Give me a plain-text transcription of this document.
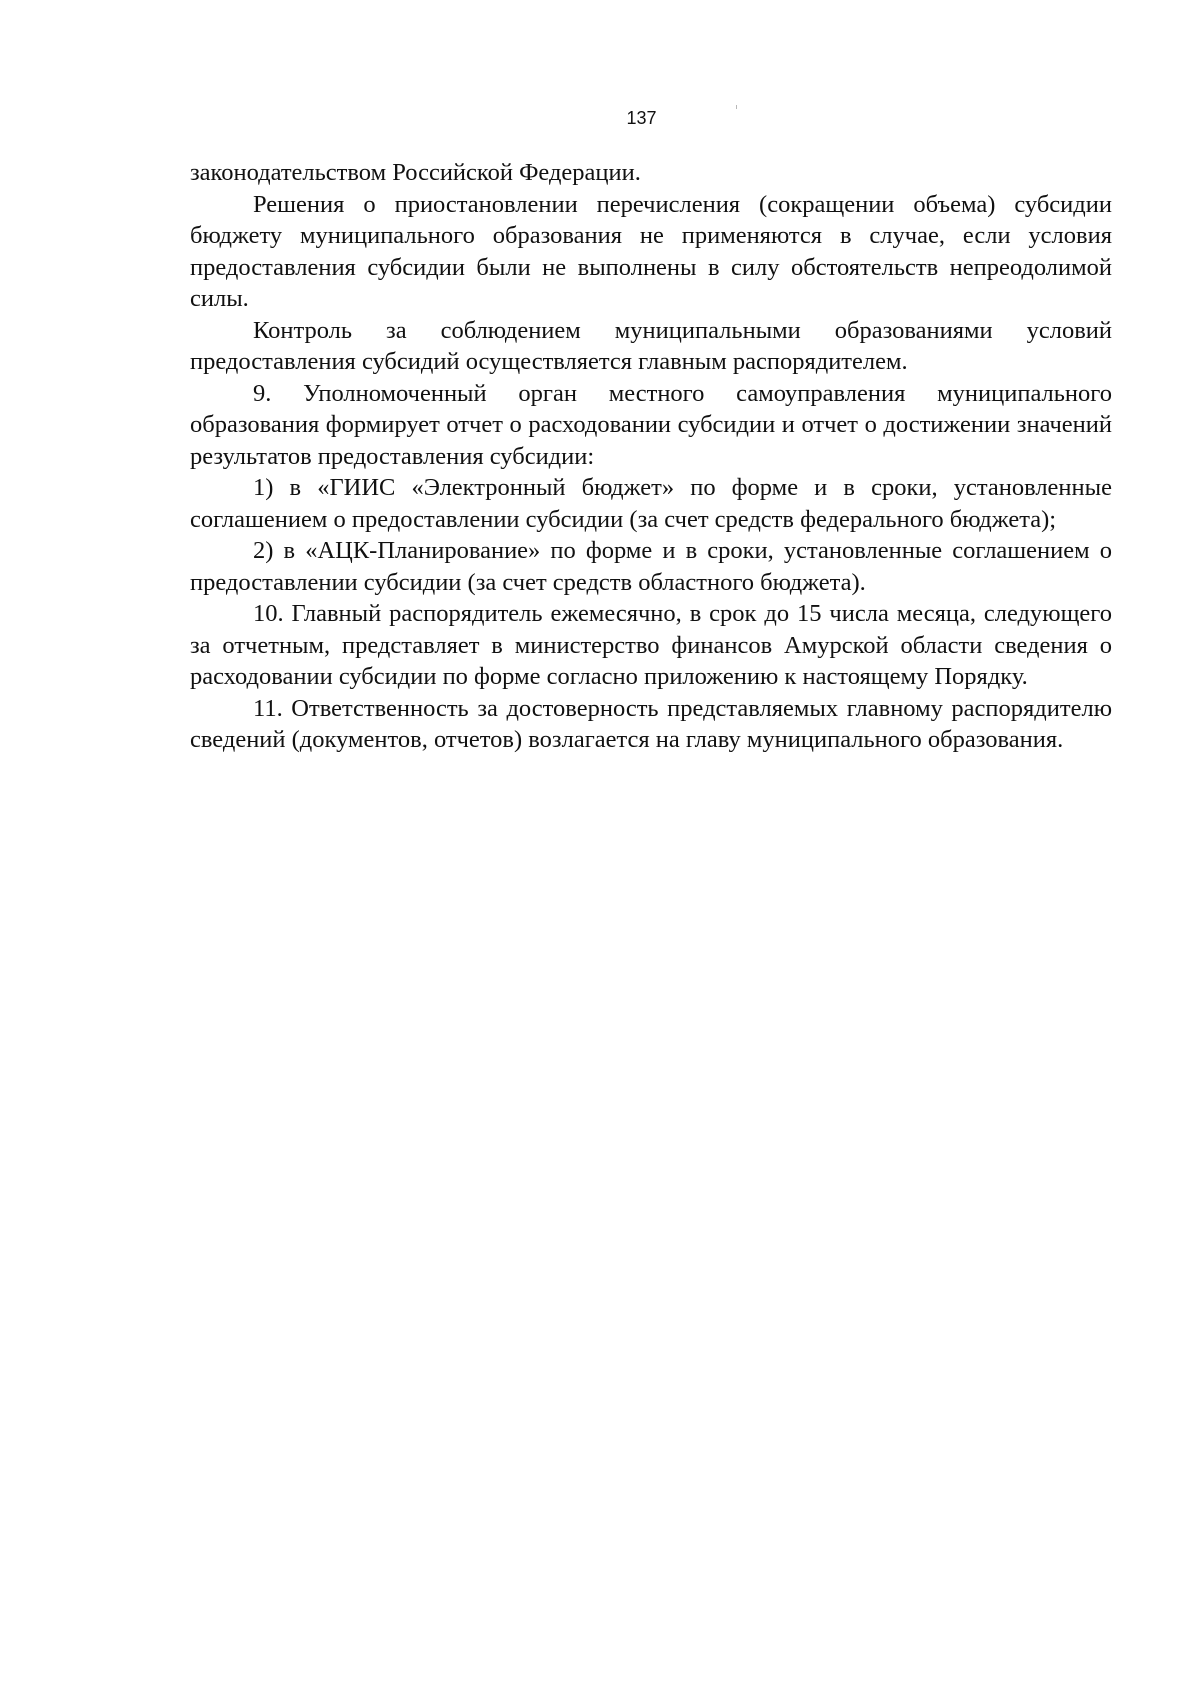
137

законодательством Российской Федерации.

Решения о приостановлении перечисления (сокращении объема) субсидии бюджету муниципального образования не применяются в случае, если условия предоставления субсидии были не выполнены в силу обстоятельств непреодолимой силы.

Контроль за соблюдением муниципальными образованиями условий предоставления субсидий осуществляется главным распорядителем.

9. Уполномоченный орган местного самоуправления муниципального образования формирует отчет о расходовании субсидии и отчет о достижении значений результатов предоставления субсидии:

1) в «ГИИС «Электронный бюджет» по форме и в сроки, установленные соглашением о предоставлении субсидии (за счет средств федерального бюджета);

2) в «АЦК-Планирование» по форме и в сроки, установленные соглашением о предоставлении субсидии (за счет средств областного бюджета).

10. Главный распорядитель ежемесячно, в срок до 15 числа месяца, следующего за отчетным, представляет в министерство финансов Амурской области сведения о расходовании субсидии по форме согласно приложению к настоящему Порядку.

11. Ответственность за достоверность представляемых главному распорядителю сведений (документов, отчетов) возлагается на главу муниципального образования.
